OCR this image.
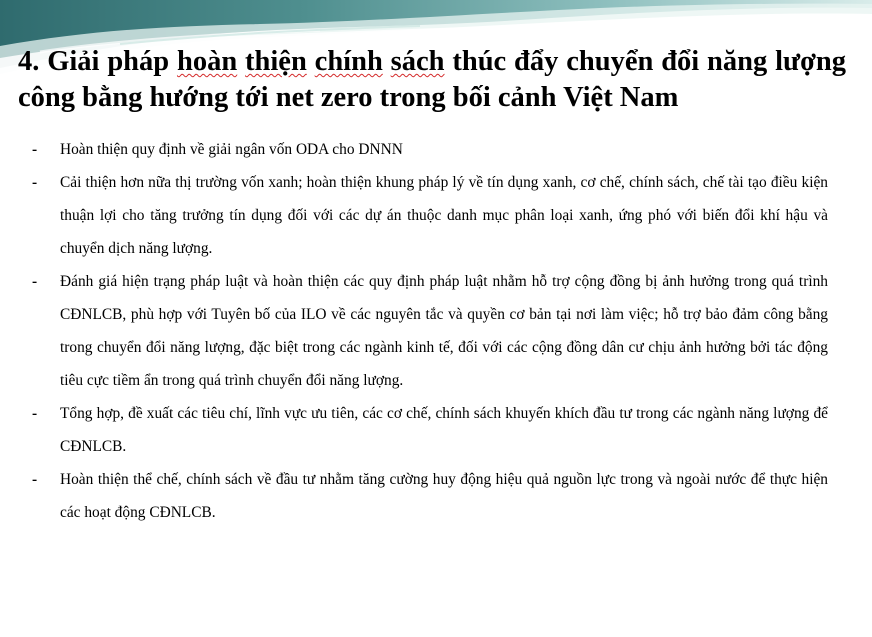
4. Giải pháp hoàn thiện chính sách thúc đẩy chuyển đổi năng lượng công bằng hướng tới net zero trong bối cảnh Việt Nam
- Hoàn thiện quy định về giải ngân vốn ODA cho DNNN
- Cải thiện hơn nữa thị trường vốn xanh; hoàn thiện khung pháp lý về tín dụng xanh, cơ chế, chính sách, chế tài tạo điều kiện thuận lợi cho tăng trưởng tín dụng đối với các dự án thuộc danh mục phân loại xanh, ứng phó với biến đổi khí hậu và chuyển dịch năng lượng.
- Đánh giá hiện trạng pháp luật và hoàn thiện các quy định pháp luật nhằm hỗ trợ cộng đồng bị ảnh hưởng trong quá trình CĐNLCB, phù hợp với Tuyên bố của ILO về các nguyên tắc và quyền cơ bản tại nơi làm việc; hỗ trợ bảo đảm công bằng trong chuyển đổi năng lượng, đặc biệt trong các ngành kinh tế, đối với các cộng đồng dân cư chịu ảnh hưởng bởi tác động tiêu cực tiềm ẩn trong quá trình chuyển đổi năng lượng.
- Tổng hợp, đề xuất các tiêu chí, lĩnh vực ưu tiên, các cơ chế, chính sách khuyến khích đầu tư trong các ngành năng lượng để CĐNLCB.
- Hoàn thiện thể chế, chính sách về đầu tư nhằm tăng cường huy động hiệu quả nguồn lực trong và ngoài nước để thực hiện các hoạt động CĐNLCB.
